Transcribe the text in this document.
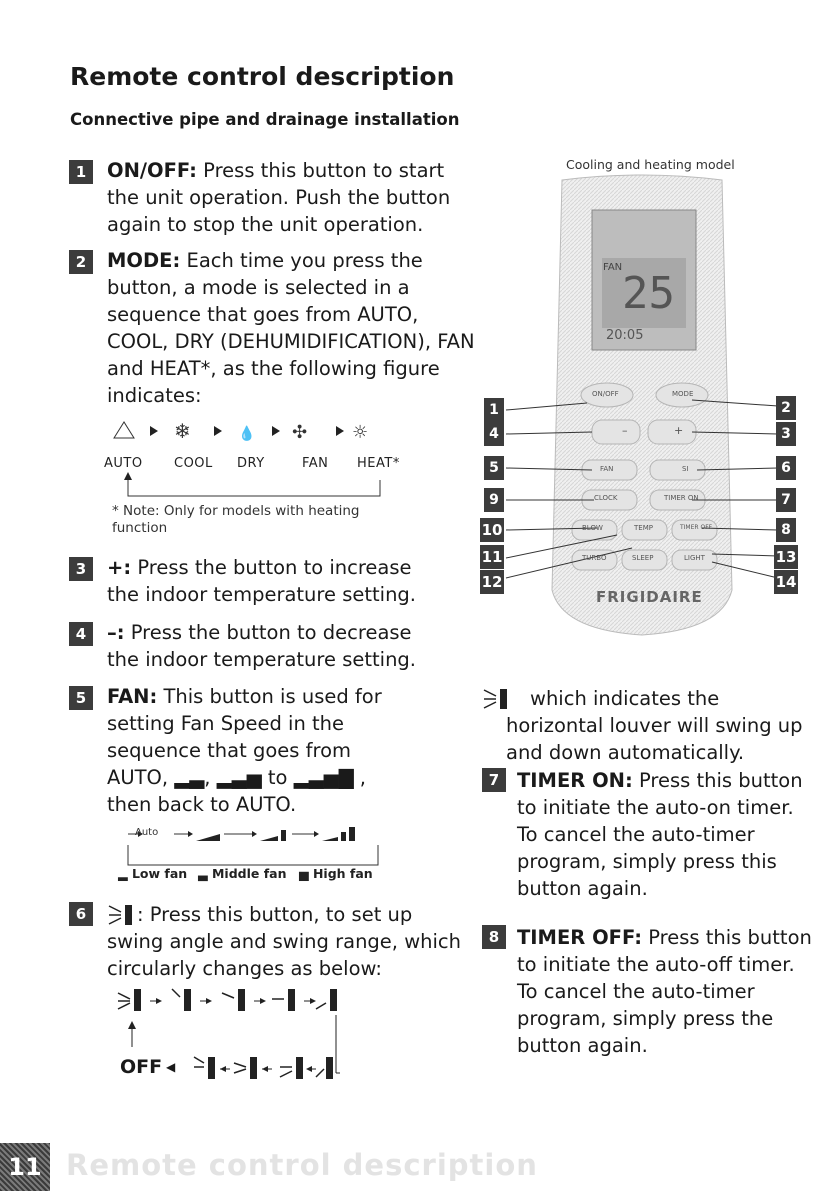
Remote control description
Connective pipe and drainage installation
1	ON/OFF: Press this button to start the unit operation. Push the button again to stop the unit operation.
2	MODE: Each time you press the button, a mode is selected in a sequence that goes from AUTO, COOL, DRY (DEHUMIDIFICATION), FAN and HEAT*, as the following figure indicates:
❄	💧 ✣ ☼
AUTO COOL DRY	FAN HEAT*
* Note: Only for models with heating function
3	+: Press the button to increase the indoor temperature setting.
4	–: Press the button to decrease the indoor temperature setting.
5	FAN: This button is used for setting Fan Speed in the sequence that goes from AUTO, ▂▃, ▂▃▅ to ▂▃▅▇ , then back to AUTO.
Auto
▂ Low fan ▃ Middle fan ▅ High fan
6	: Press this button, to set up swing angle and swing range, which circularly changes as below:
OFF ◀
Cooling and heating model
FAN
25
20:05
FRIGIDAIRE
ON/OFF	MODE
–	+
FAN	SI
CLOCK	TIMER ON
BLOW	TEMP	TIMER OFF
TURBO	SLEEP	LIGHT
1
4
5
9
10
11
12
2
3
6
7
8
13
14
which indicates the horizontal louver will swing up and down automatically.
7 TIMER ON: Press this button to initiate the auto-on timer. To cancel the auto-timer program, simply press this button again.
8 TIMER OFF: Press this button to initiate the auto-off timer. To cancel the auto-timer program, simply press the button again.
11 Remote control description
